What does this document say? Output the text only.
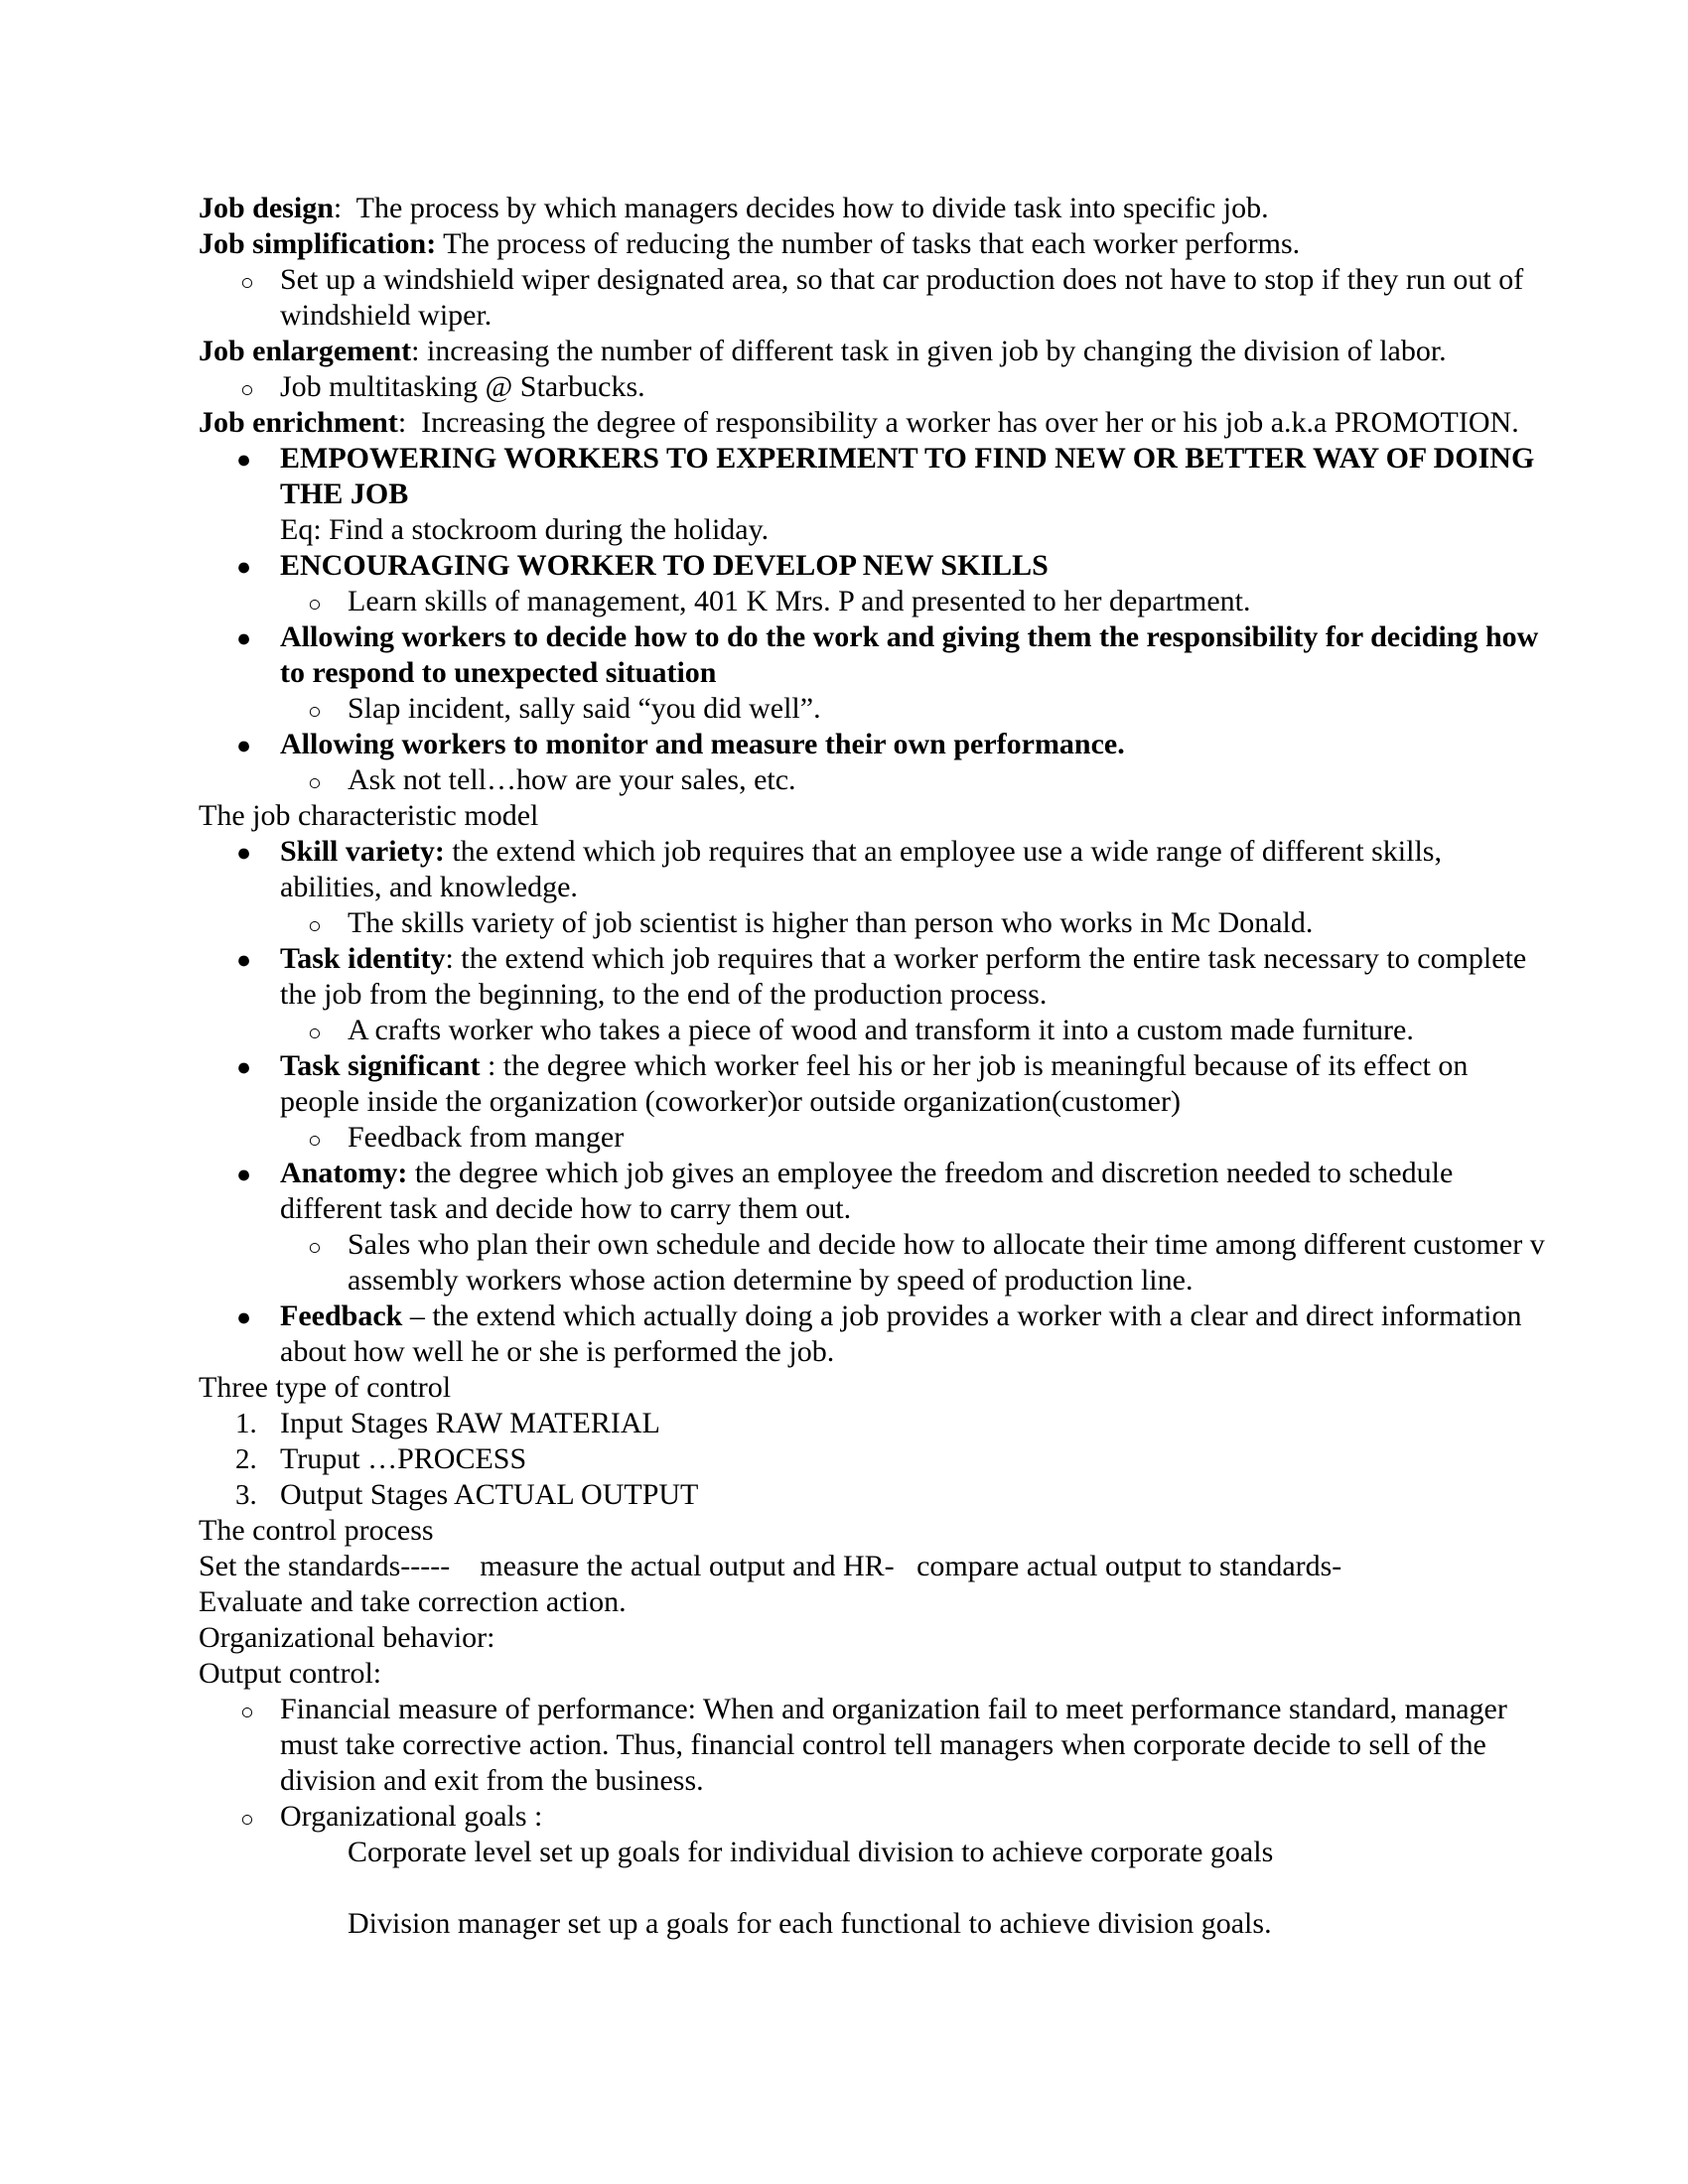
Job design:  The process by which managers decides how to divide task into specific job.
Job simplification: The process of reducing the number of tasks that each worker performs.
○ Set up a windshield wiper designated area, so that car production does not have to stop if they run out of windshield wiper.
Job enlargement: increasing the number of different task in given job by changing the division of labor.
○ Job multitasking @ Starbucks.
Job enrichment:  Increasing the degree of responsibility a worker has over her or his job a.k.a PROMOTION.
● EMPOWERING WORKERS TO EXPERIMENT TO FIND NEW OR BETTER WAY OF DOING THE JOB
Eq: Find a stockroom during the holiday.
● ENCOURAGING WORKER TO DEVELOP NEW SKILLS
○ Learn skills of management, 401 K Mrs. P and presented to her department.
● Allowing workers to decide how to do the work and giving them the responsibility for deciding how to respond to unexpected situation
○ Slap incident, sally said “you did well”.
● Allowing workers to monitor and measure their own performance.
○ Ask not tell…how are your sales, etc.
The job characteristic model
● Skill variety: the extend which job requires that an employee use a wide range of different skills, abilities, and knowledge.
○ The skills variety of job scientist is higher than person who works in Mc Donald.
● Task identity: the extend which job requires that a worker perform the entire task necessary to complete the job from the beginning, to the end of the production process.
○ A crafts worker who takes a piece of wood and transform it into a custom made furniture.
● Task significant : the degree which worker feel his or her job is meaningful because of its effect on people inside the organization (coworker)or outside organization(customer)
○ Feedback from manger
● Anatomy: the degree which job gives an employee the freedom and discretion needed to schedule different task and decide how to carry them out.
○ Sales who plan their own schedule and decide how to allocate their time among different customer v assembly workers whose action determine by speed of production line.
● Feedback – the extend which actually doing a job provides a worker with a clear and direct information about how well he or she is performed the job.
Three type of control
1. Input Stages RAW MATERIAL
2. Truput …PROCESS
3. Output Stages ACTUAL OUTPUT
The control process
Set the standards-----    measure the actual output and HR-   compare actual output to standards-
Evaluate and take correction action.
Organizational behavior:
Output control:
○ Financial measure of performance: When and organization fail to meet performance standard, manager must take corrective action. Thus, financial control tell managers when corporate decide to sell of the division and exit from the business.
○ Organizational goals :
Corporate level set up goals for individual division to achieve corporate goals
Division manager set up a goals for each functional to achieve division goals.
